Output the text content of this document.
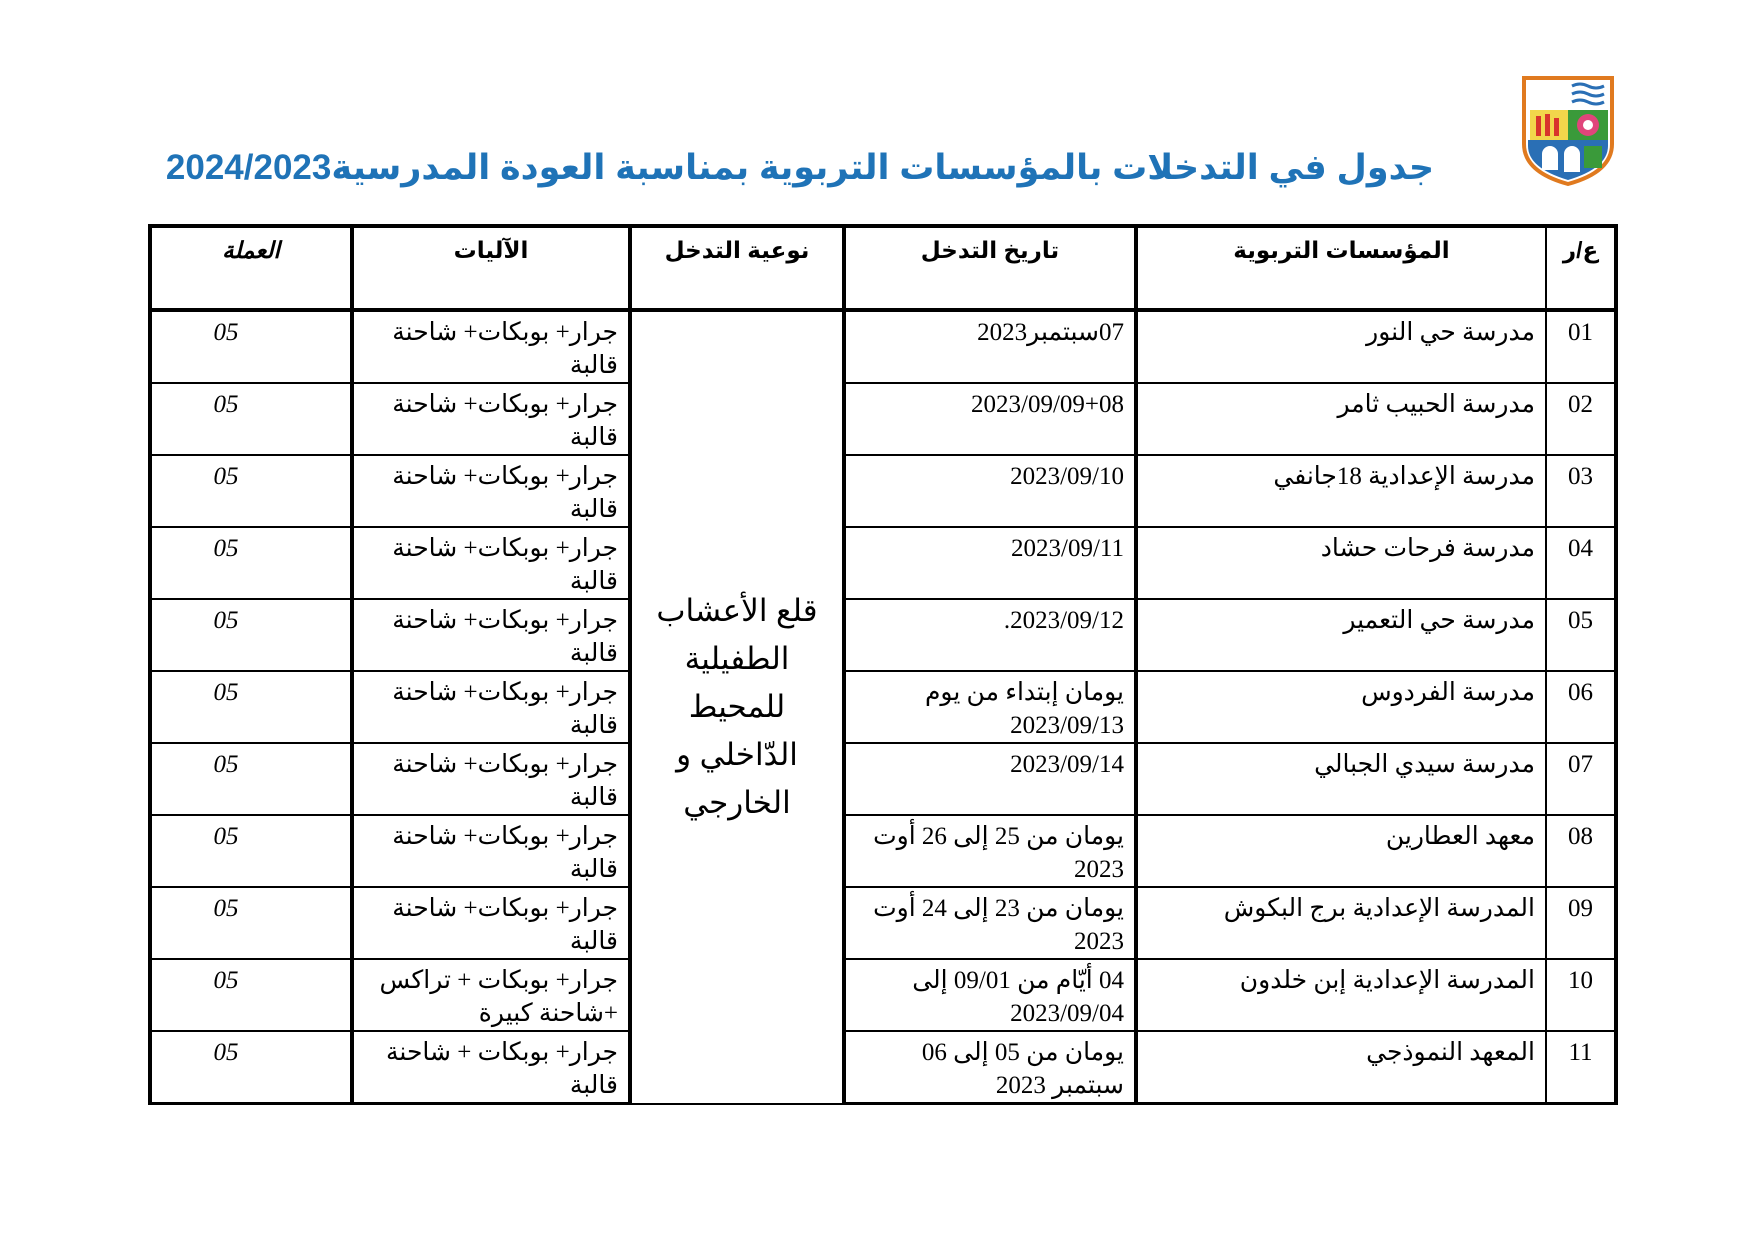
جدول في التدخلات بالمؤسسات التربوية بمناسبة العودة المدرسية2024/2023
ع/ر	المؤسسات التربوية	تاريخ التدخل	نوعية التدخل	الآليات	العملة
01	مدرسة حي النور	07سبتمبر2023	قلع الأعشاب الطفيلية للمحيط الدّاخلي و الخارجي	جرار+ بوبكات+ شاحنة قالبة	05
02	مدرسة الحبيب ثامر	2023/09/09+08		جرار+ بوبكات+ شاحنة قالبة	05
03	مدرسة الإعدادية 18جانفي	2023/09/10		جرار+ بوبكات+ شاحنة قالبة	05
04	مدرسة فرحات حشاد	2023/09/11		جرار+ بوبكات+ شاحنة قالبة	05
05	مدرسة حي التعمير	2023/09/12.		جرار+ بوبكات+ شاحنة قالبة	05
06	مدرسة الفردوس	يومان إبتداء من يوم 2023/09/13		جرار+ بوبكات+ شاحنة قالبة	05
07	مدرسة سيدي الجبالي	2023/09/14		جرار+ بوبكات+ شاحنة قالبة	05
08	معهد العطارين	يومان من 25 إلى 26 أوت 2023		جرار+ بوبكات+ شاحنة قالبة	05
09	المدرسة الإعدادية برج البكوش	يومان من 23 إلى 24 أوت 2023		جرار+ بوبكات+ شاحنة قالبة	05
10	المدرسة الإعدادية إبن خلدون	04 أيّام من 09/01 إلى 2023/09/04		جرار+ بوبكات + تراكس +شاحنة كبيرة	05
11	المعهد النموذجي	يومان من 05 إلى 06 سبتمبر 2023		جرار+ بوبكات + شاحنة قالبة	05
